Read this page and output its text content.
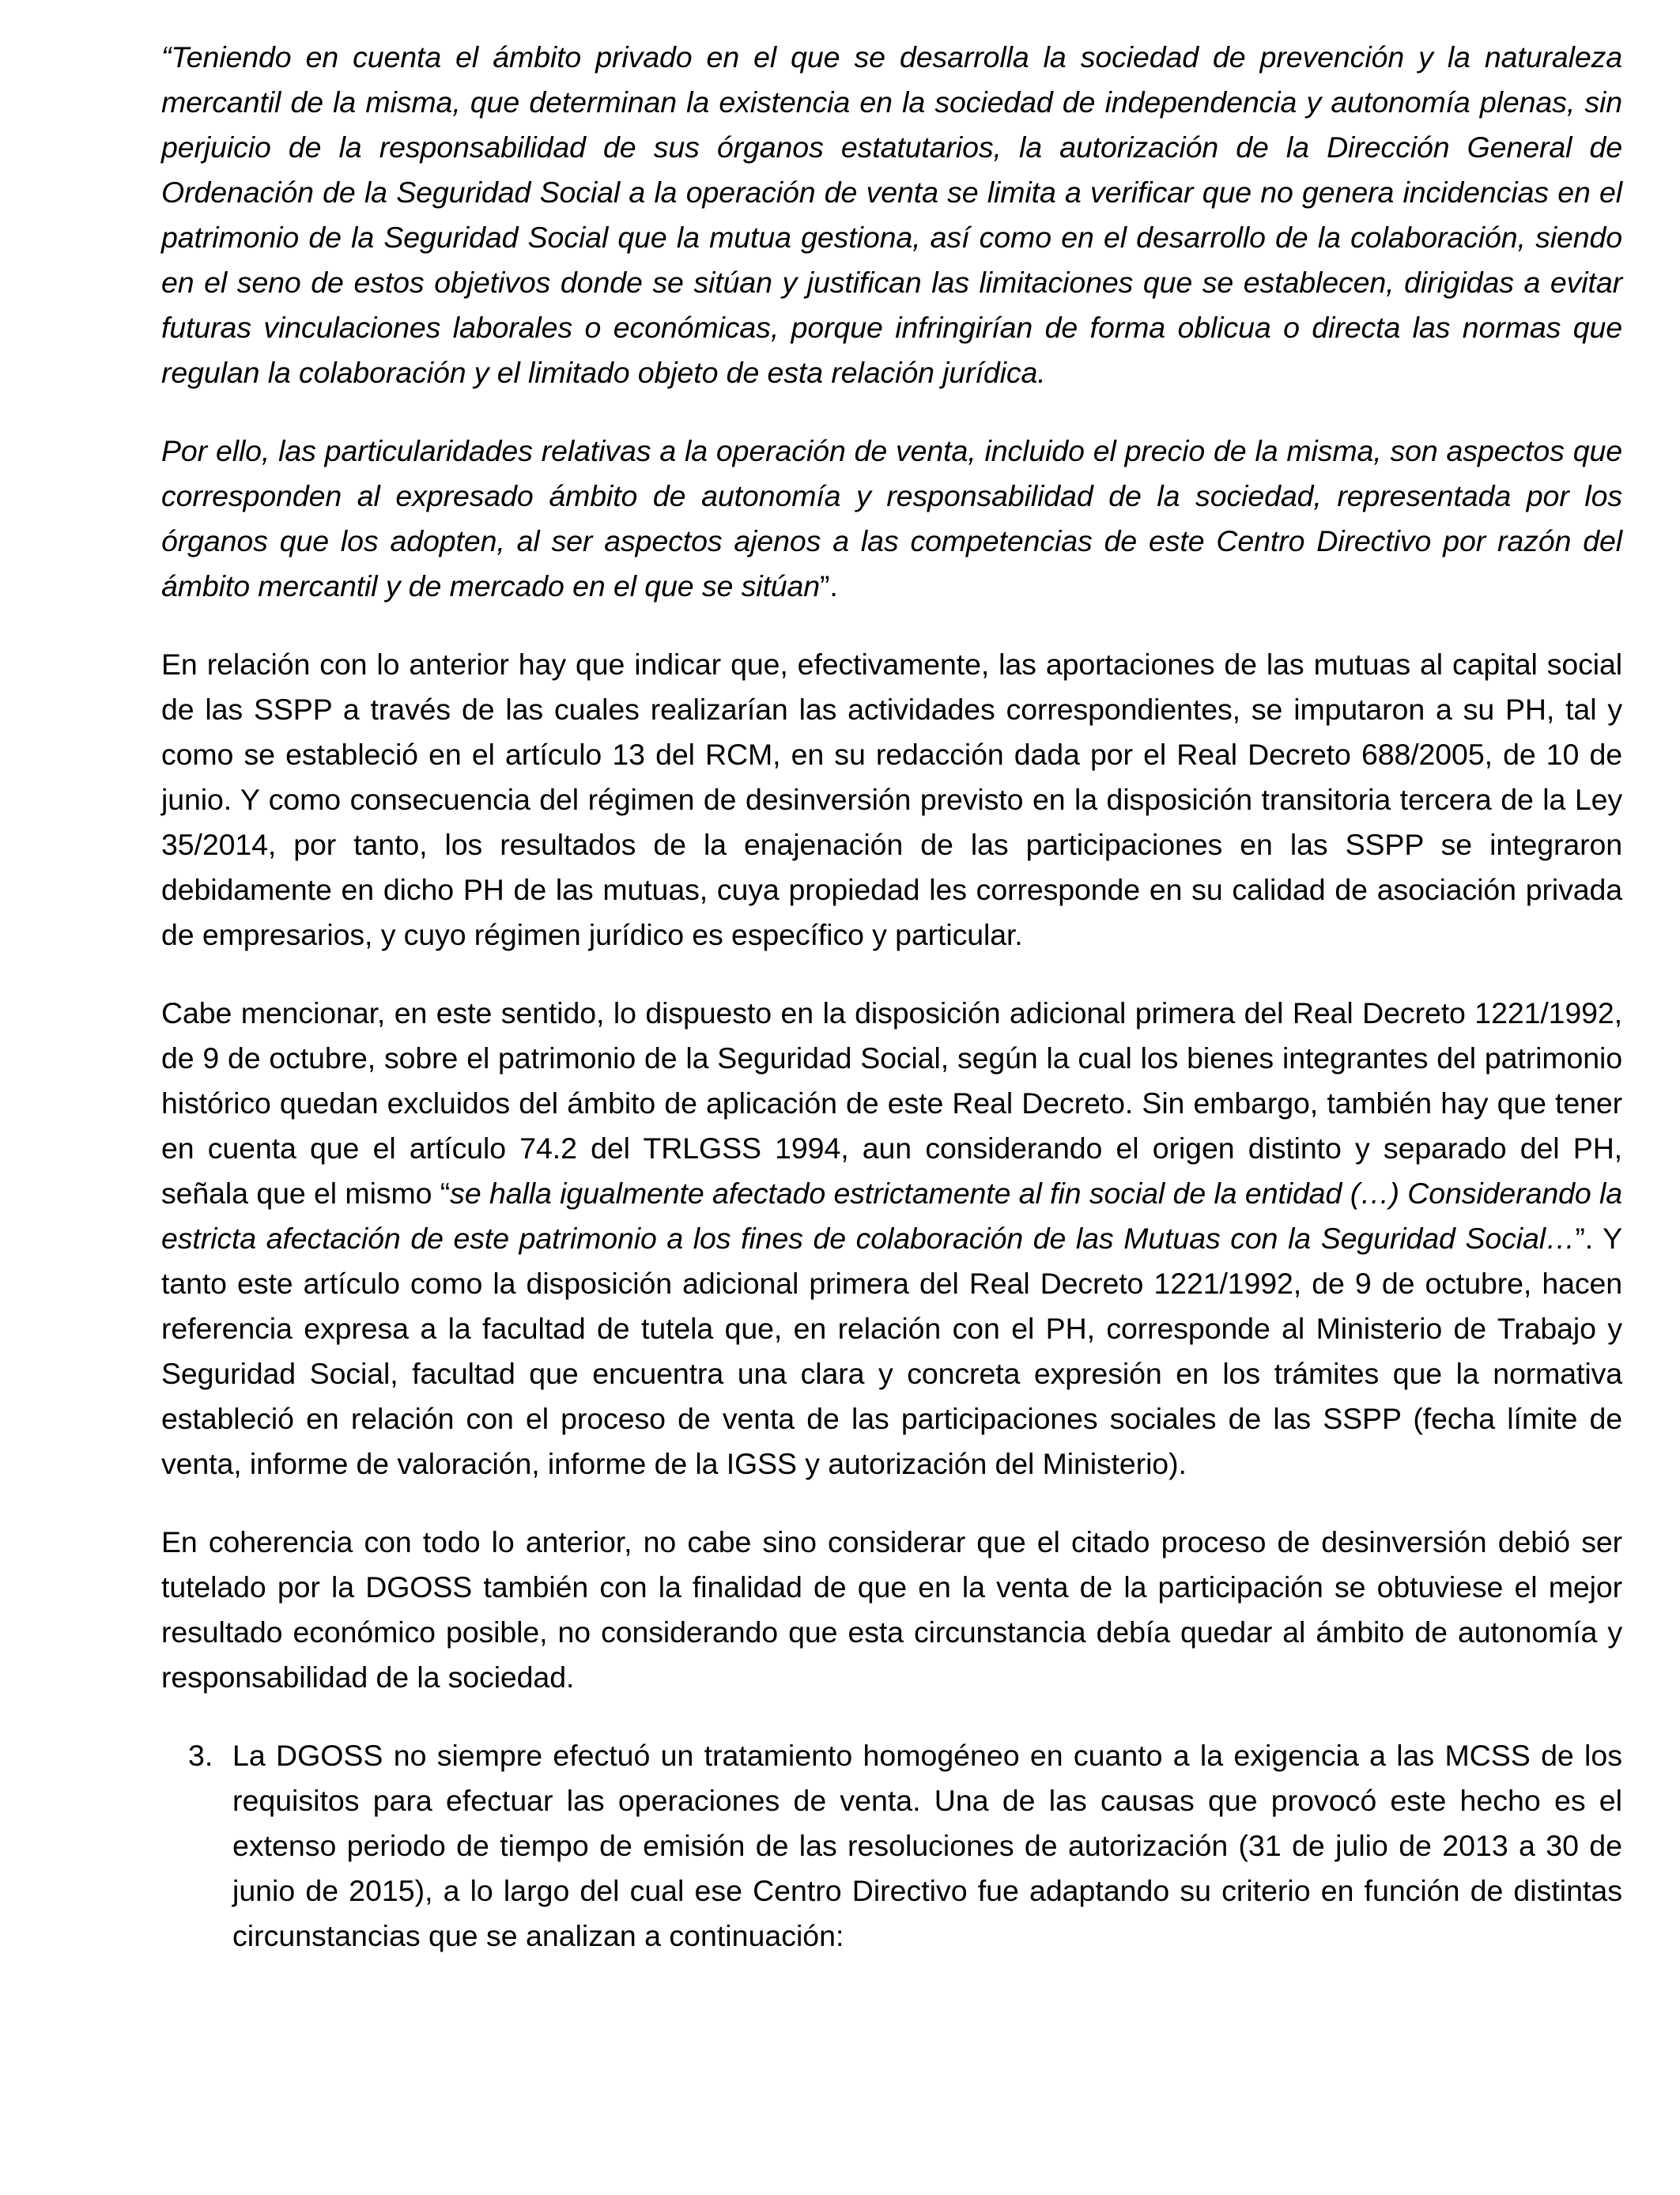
“Teniendo en cuenta el ámbito privado en el que se desarrolla la sociedad de prevención y la naturaleza mercantil de la misma, que determinan la existencia en la sociedad de independencia y autonomía plenas, sin perjuicio de la responsabilidad de sus órganos estatutarios, la autorización de la Dirección General de Ordenación de la Seguridad Social a la operación de venta se limita a verificar que no genera incidencias en el patrimonio de la Seguridad Social que la mutua gestiona, así como en el desarrollo de la colaboración, siendo en el seno de estos objetivos donde se sitúan y justifican las limitaciones que se establecen, dirigidas a evitar futuras vinculaciones laborales o económicas, porque infringirían de forma oblicua o directa las normas que regulan la colaboración y el limitado objeto de esta relación jurídica.

Por ello, las particularidades relativas a la operación de venta, incluido el precio de la misma, son aspectos que corresponden al expresado ámbito de autonomía y responsabilidad de la sociedad, representada por los órganos que los adopten, al ser aspectos ajenos a las competencias de este Centro Directivo por razón del ámbito mercantil y de mercado en el que se sitúan”.

En relación con lo anterior hay que indicar que, efectivamente, las aportaciones de las mutuas al capital social de las SSPP a través de las cuales realizarían las actividades correspondientes, se imputaron a su PH, tal y como se estableció en el artículo 13 del RCM, en su redacción dada por el Real Decreto 688/2005, de 10 de junio. Y como consecuencia del régimen de desinversión previsto en la disposición transitoria tercera de la Ley 35/2014, por tanto, los resultados de la enajenación de las participaciones en las SSPP se integraron debidamente en dicho PH de las mutuas, cuya propiedad les corresponde en su calidad de asociación privada de empresarios, y cuyo régimen jurídico es específico y particular.

Cabe mencionar, en este sentido, lo dispuesto en la disposición adicional primera del Real Decreto 1221/1992, de 9 de octubre, sobre el patrimonio de la Seguridad Social, según la cual los bienes integrantes del patrimonio histórico quedan excluidos del ámbito de aplicación de este Real Decreto. Sin embargo, también hay que tener en cuenta que el artículo 74.2 del TRLGSS 1994, aun considerando el origen distinto y separado del PH, señala que el mismo “se halla igualmente afectado estrictamente al fin social de la entidad (…) Considerando la estricta afectación de este patrimonio a los fines de colaboración de las Mutuas con la Seguridad Social…”. Y tanto este artículo como la disposición adicional primera del Real Decreto 1221/1992, de 9 de octubre, hacen referencia expresa a la facultad de tutela que, en relación con el PH, corresponde al Ministerio de Trabajo y Seguridad Social, facultad que encuentra una clara y concreta expresión en los trámites que la normativa estableció en relación con el proceso de venta de las participaciones sociales de las SSPP (fecha límite de venta, informe de valoración, informe de la IGSS y autorización del Ministerio).

En coherencia con todo lo anterior, no cabe sino considerar que el citado proceso de desinversión debió ser tutelado por la DGOSS también con la finalidad de que en la venta de la participación se obtuviese el mejor resultado económico posible, no considerando que esta circunstancia debía quedar al ámbito de autonomía y responsabilidad de la sociedad.

3. La DGOSS no siempre efectuó un tratamiento homogéneo en cuanto a la exigencia a las MCSS de los requisitos para efectuar las operaciones de venta. Una de las causas que provocó este hecho es el extenso periodo de tiempo de emisión de las resoluciones de autorización (31 de julio de 2013 a 30 de junio de 2015), a lo largo del cual ese Centro Directivo fue adaptando su criterio en función de distintas circunstancias que se analizan a continuación:
